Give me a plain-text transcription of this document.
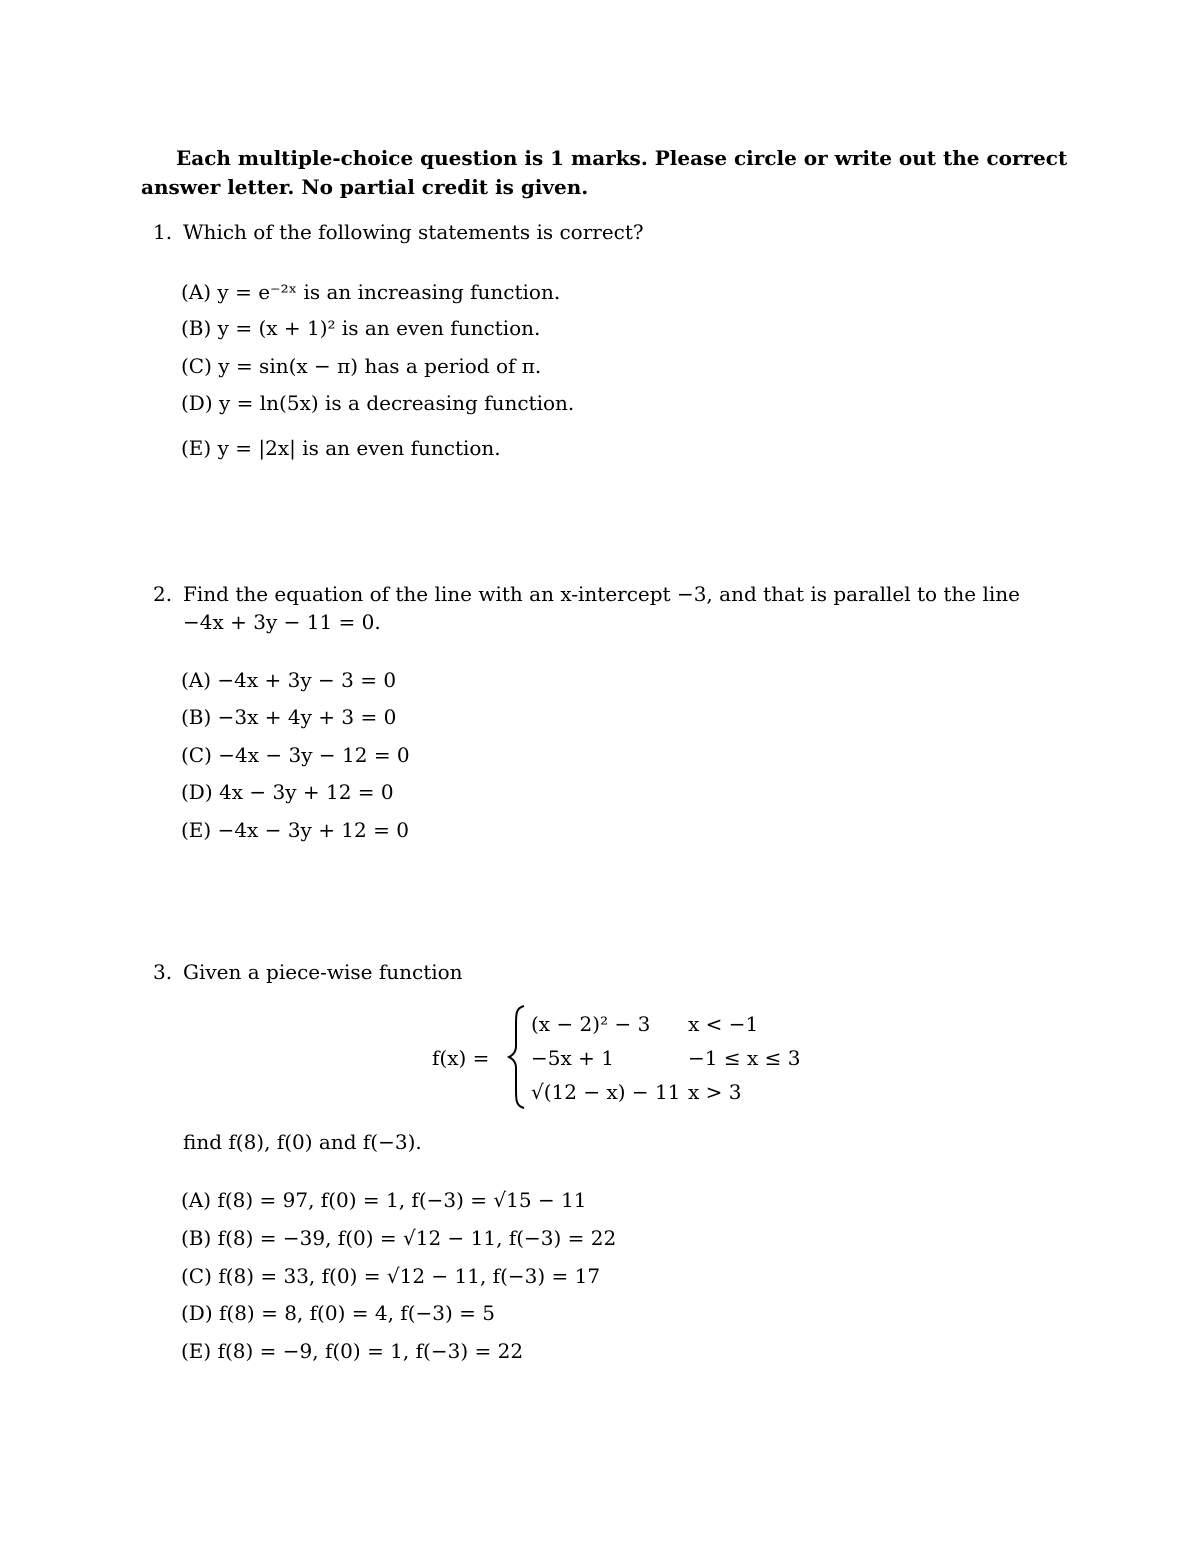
Each multiple-choice question is 1 marks. Please circle or write out the correct
answer letter. No partial credit is given.
1. Which of the following statements is correct?
(A) y = e⁻²ˣ is an increasing function.
(B) y = (x + 1)² is an even function.
(C) y = sin(x − π) has a period of π.
(D) y = ln(5x) is a decreasing function.
(E) y = |2x| is an even function.
2. Find the equation of the line with an x-intercept −3, and that is parallel to the line
−4x + 3y − 11 = 0.
(A) −4x + 3y − 3 = 0
(B) −3x + 4y + 3 = 0
(C) −4x − 3y − 12 = 0
(D) 4x − 3y + 12 = 0
(E) −4x − 3y + 12 = 0
3. Given a piece-wise function
f(x) =
(x − 2)² − 3 x < −1
−5x + 1	−1 ≤ x ≤ 3
√(12 − x) − 11 x > 3
find f(8), f(0) and f(−3).
(A) f(8) = 97, f(0) = 1, f(−3) = √15 − 11
(B) f(8) = −39, f(0) = √12 − 11, f(−3) = 22
(C) f(8) = 33, f(0) = √12 − 11, f(−3) = 17
(D) f(8) = 8, f(0) = 4, f(−3) = 5
(E) f(8) = −9, f(0) = 1, f(−3) = 22
